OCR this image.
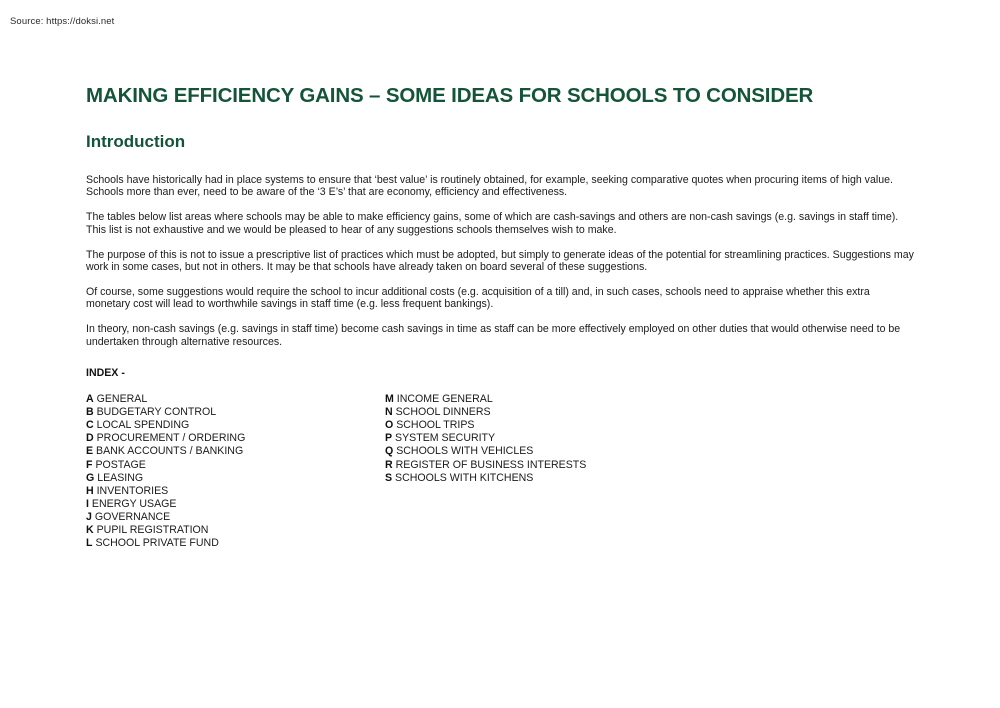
Source: https://doksi.net
MAKING EFFICIENCY GAINS – SOME IDEAS FOR SCHOOLS TO CONSIDER
Introduction

Schools have historically had in place systems to ensure that ‘best value’ is routinely obtained, for example, seeking comparative quotes when procuring items of high value. Schools more than ever, need to be aware of the ‘3 E’s’ that are economy, efficiency and effectiveness.

The tables below list areas where schools may be able to make efficiency gains, some of which are cash-savings and others are non-cash savings (e.g. savings in staff time). This list is not exhaustive and we would be pleased to hear of any suggestions schools themselves wish to make.

The purpose of this is not to issue a prescriptive list of practices which must be adopted, but simply to generate ideas of the potential for streamlining practices. Suggestions may work in some cases, but not in others. It may be that schools have already taken on board several of these suggestions.

Of course, some suggestions would require the school to incur additional costs (e.g. acquisition of a till) and, in such cases, schools need to appraise whether this extra monetary cost will lead to worthwhile savings in staff time (e.g. less frequent bankings).

In theory, non-cash savings (e.g. savings in staff time) become cash savings in time as staff can be more effectively employed on other duties that would otherwise need to be undertaken through alternative resources.

INDEX -
A GENERAL
B BUDGETARY CONTROL
C LOCAL SPENDING
D PROCUREMENT / ORDERING
E BANK ACCOUNTS / BANKING
F POSTAGE
G LEASING
H INVENTORIES
I ENERGY USAGE
J GOVERNANCE
K PUPIL REGISTRATION
L SCHOOL PRIVATE FUND
M INCOME GENERAL
N SCHOOL DINNERS
O SCHOOL TRIPS
P SYSTEM SECURITY
Q SCHOOLS WITH VEHICLES
R REGISTER OF BUSINESS INTERESTS
S SCHOOLS WITH KITCHENS
